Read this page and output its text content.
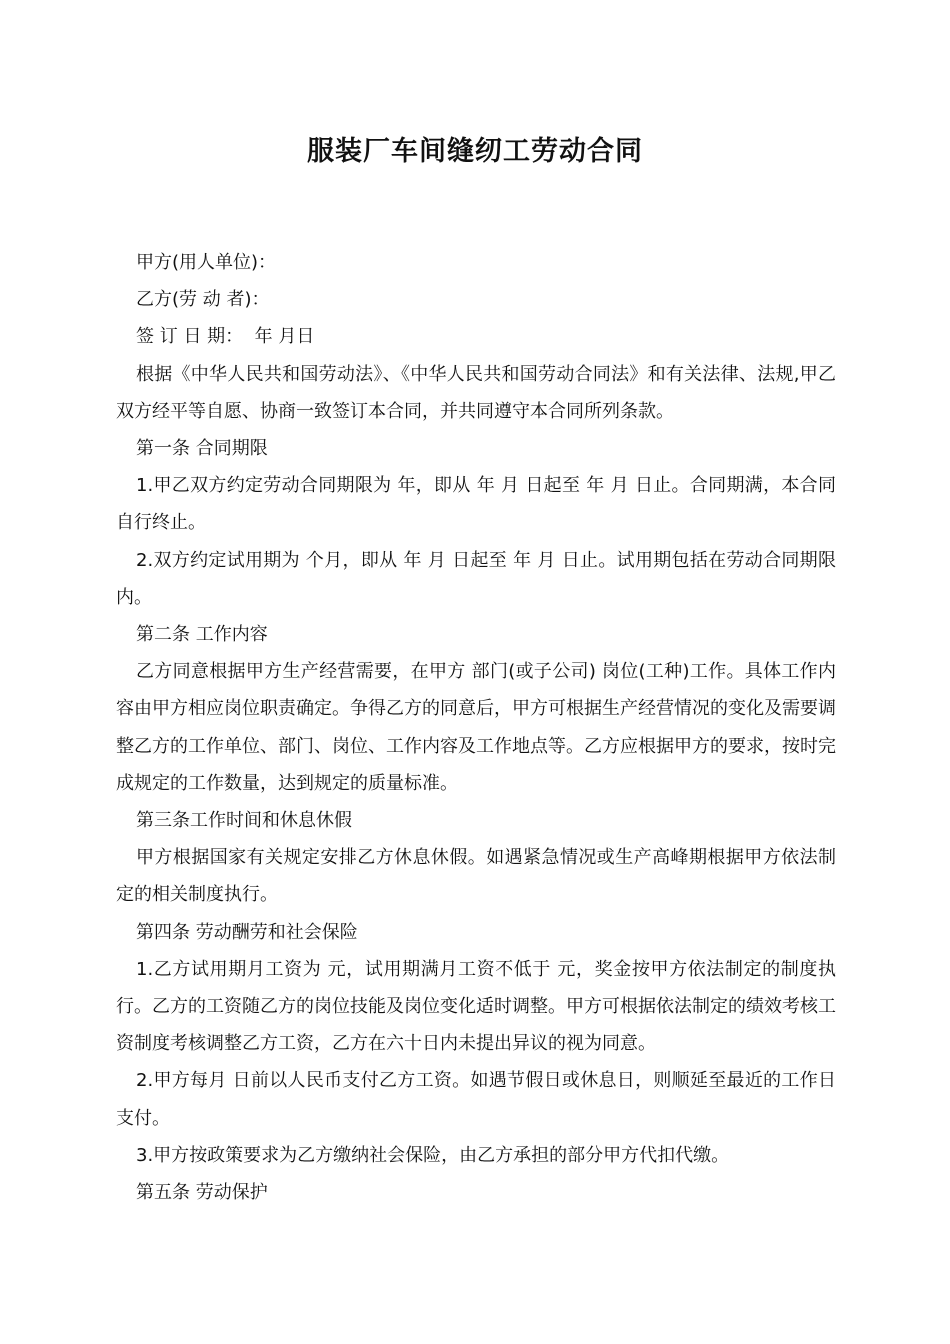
服装厂车间缝纫工劳动合同

甲方(用人单位)：

乙方(劳 动 者)：

签 订 日 期：  年 月日

根据《中华人民共和国劳动法》、《中华人民共和国劳动合同法》和有关法律、法规,甲乙双方经平等自愿、协商一致签订本合同，并共同遵守本合同所列条款。

第一条 合同期限

1.甲乙双方约定劳动合同期限为 年，即从 年 月 日起至 年 月 日止。合同期满，本合同自行终止。

2.双方约定试用期为 个月，即从 年 月 日起至 年 月 日止。试用期包括在劳动合同期限内。

第二条 工作内容

乙方同意根据甲方生产经营需要，在甲方 部门(或子公司) 岗位(工种)工作。具体工作内容由甲方相应岗位职责确定。争得乙方的同意后，甲方可根据生产经营情况的变化及需要调整乙方的工作单位、部门、岗位、工作内容及工作地点等。乙方应根据甲方的要求，按时完成规定的工作数量，达到规定的质量标准。

第三条工作时间和休息休假

甲方根据国家有关规定安排乙方休息休假。如遇紧急情况或生产高峰期根据甲方依法制定的相关制度执行。

第四条 劳动酬劳和社会保险

1.乙方试用期月工资为 元，试用期满月工资不低于 元，奖金按甲方依法制定的制度执行。乙方的工资随乙方的岗位技能及岗位变化适时调整。甲方可根据依法制定的绩效考核工资制度考核调整乙方工资，乙方在六十日内未提出异议的视为同意。

2.甲方每月 日前以人民币支付乙方工资。如遇节假日或休息日，则顺延至最近的工作日支付。

3.甲方按政策要求为乙方缴纳社会保险，由乙方承担的部分甲方代扣代缴。

第五条 劳动保护
